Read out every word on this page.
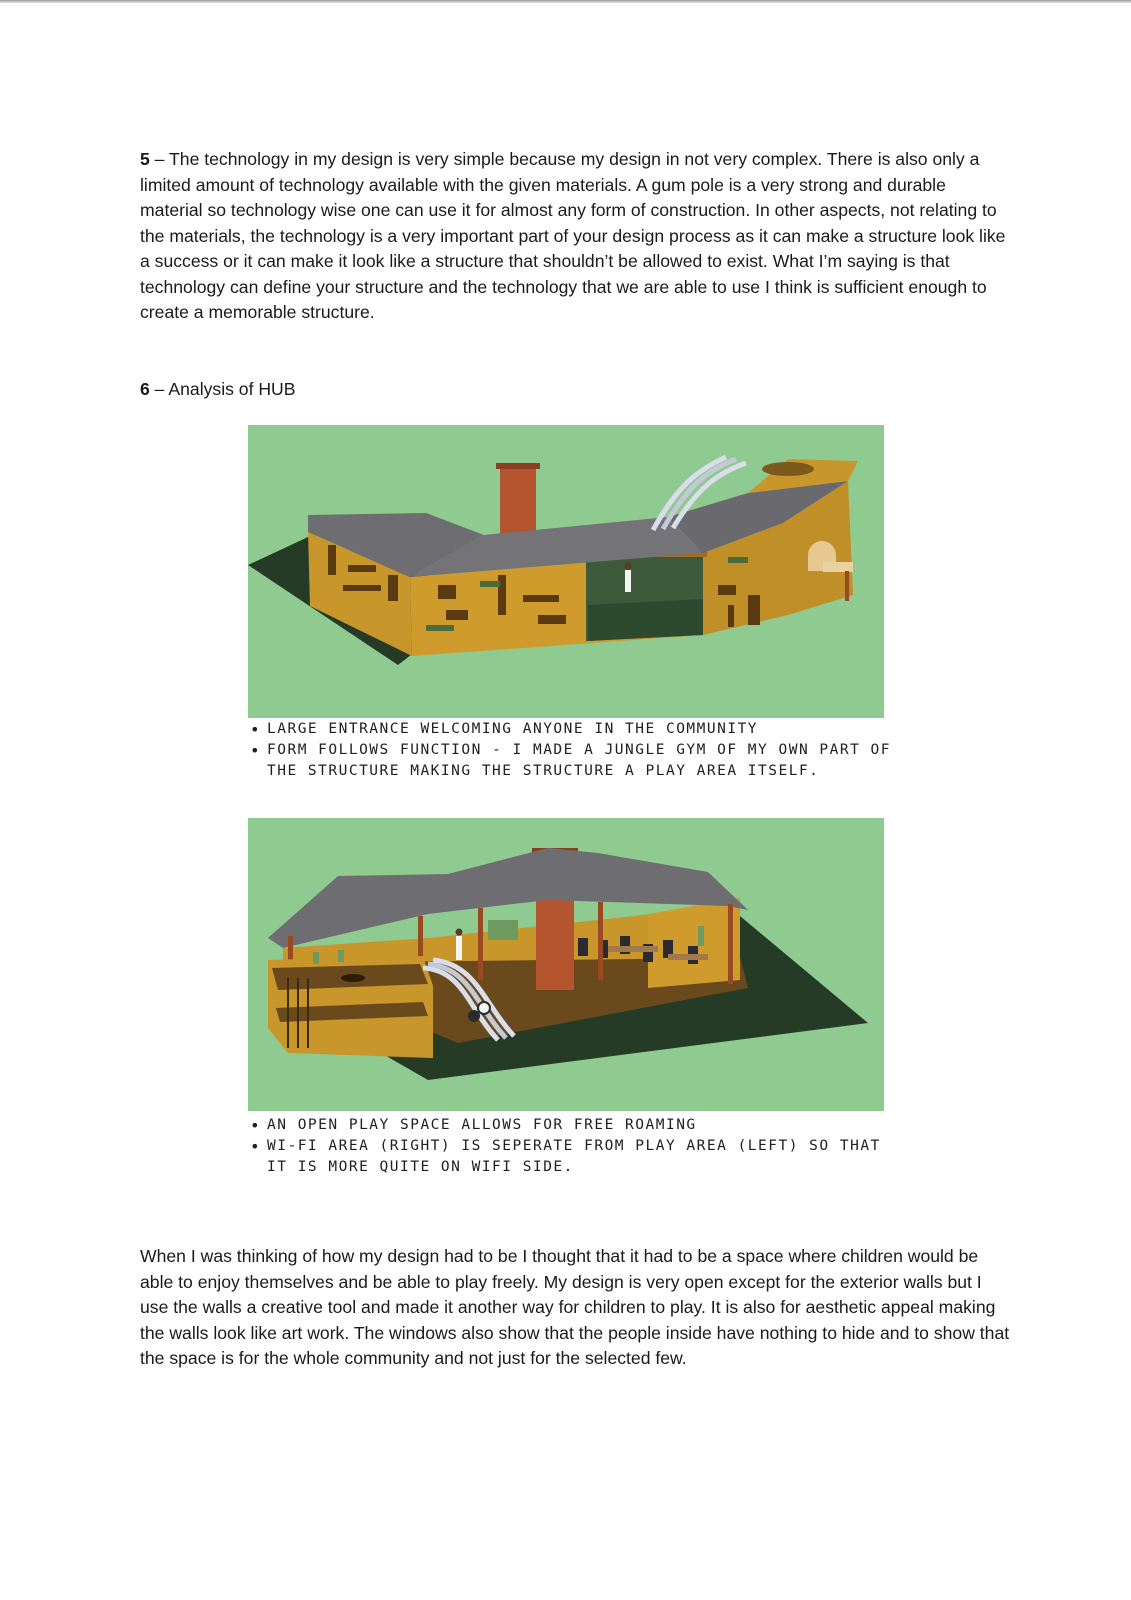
5 – The technology in my design is very simple because my design in not very complex. There is also only a limited amount of technology available with the given materials. A gum pole is a very strong and durable material so technology wise one can use it for almost any form of construction. In other aspects, not relating to the materials, the technology is a very important part of your design process as it can make a structure look like a success or it can make it look like a structure that shouldn’t be allowed to exist. What I’m saying is that technology can define your structure and the technology that we are able to use I think is sufficient enough to create a memorable structure.

6 – Analysis of HUB

• LARGE ENTRANCE WELCOMING ANYONE IN THE COMMUNITY
• FORM FOLLOWS FUNCTION - I MADE A JUNGLE GYM OF MY OWN PART OF THE STRUCTURE MAKING THE STRUCTURE A PLAY AREA ITSELF.
• AN OPEN PLAY SPACE ALLOWS FOR FREE ROAMING
• WI-FI AREA (RIGHT) IS SEPERATE FROM PLAY AREA (LEFT) SO THAT IT IS MORE QUITE ON WIFI SIDE.

When I was thinking of how my design had to be I thought that it had to be a space where children would be able to enjoy themselves and be able to play freely. My design is very open except for the exterior walls but I use the walls a creative tool and made it another way for children to play. It is also for aesthetic appeal making the walls look like art work. The windows also show that the people inside have nothing to hide and to show that the space is for the whole community and not just for the selected few.
